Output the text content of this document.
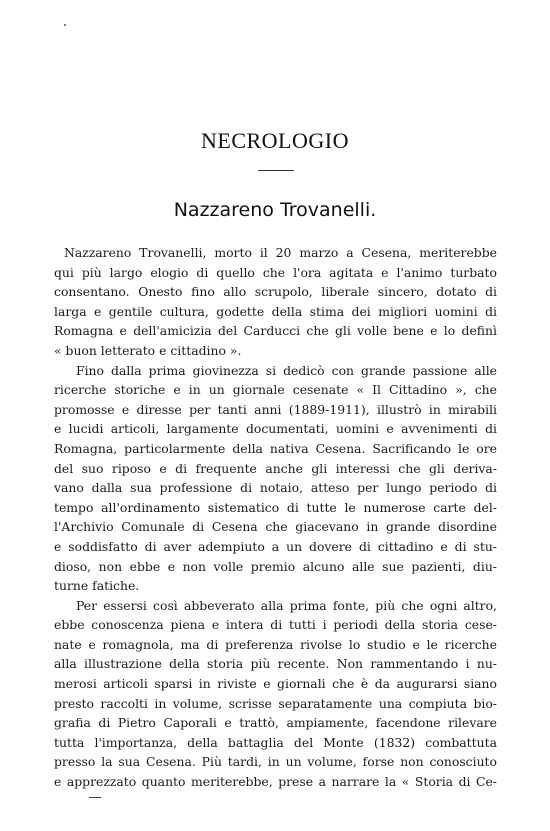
NECROLOGIO
Nazzareno Trovanelli.
Nazzareno Trovanelli, morto il 20 marzo a Cesena, meriterebbe
qui più largo elogio di quello che l'ora agitata e l'animo turbato
consentano. Onesto fino allo scrupolo, liberale sincero, dotato di
larga e gentile cultura, godette della stima dei migliori uomini di
Romagna e dell'amicizia del Carducci che gli volle bene e lo definì
« buon letterato e cittadino ».
Fino dalla prima giovinezza si dedicò con grande passione alle
ricerche storiche e in un giornale cesenate « Il Cittadino », che
promosse e diresse per tanti anni (1889-1911), illustrò in mirabili
e lucidi articoli, largamente documentati, uomini e avvenimenti di
Romagna, particolarmente della nativa Cesena. Sacrificando le ore
del suo riposo e di frequente anche gli interessi che gli deriva-
vano dalla sua professione di notaio, atteso per lungo periodo di
tempo all'ordinamento sistematico di tutte le numerose carte del-
l'Archivio Comunale di Cesena che giacevano in grande disordine
e soddisfatto di aver adempiuto a un dovere di cittadino e di stu-
dioso, non ebbe e non volle premio alcuno alle sue pazienti, diu-
turne fatiche.
Per essersi così abbeverato alla prima fonte, più che ogni altro,
ebbe conoscenza piena e intera di tutti i periodi della storia cese-
nate e romagnola, ma di preferenza rivolse lo studio e le ricerche
alla illustrazione della storia più recente. Non rammentando i nu-
merosi articoli sparsi in riviste e giornali che è da augurarsi siano
presto raccolti in volume, scrisse separatamente una compiuta bio-
grafia di Pietro Caporali e trattò, ampiamente, facendone rilevare
tutta l'importanza, della battaglia del Monte (1832) combattuta
presso la sua Cesena. Più tardi, in un volume, forse non conosciuto
e apprezzato quanto meriterebbe, prese a narrare la « Storia di Ce-
